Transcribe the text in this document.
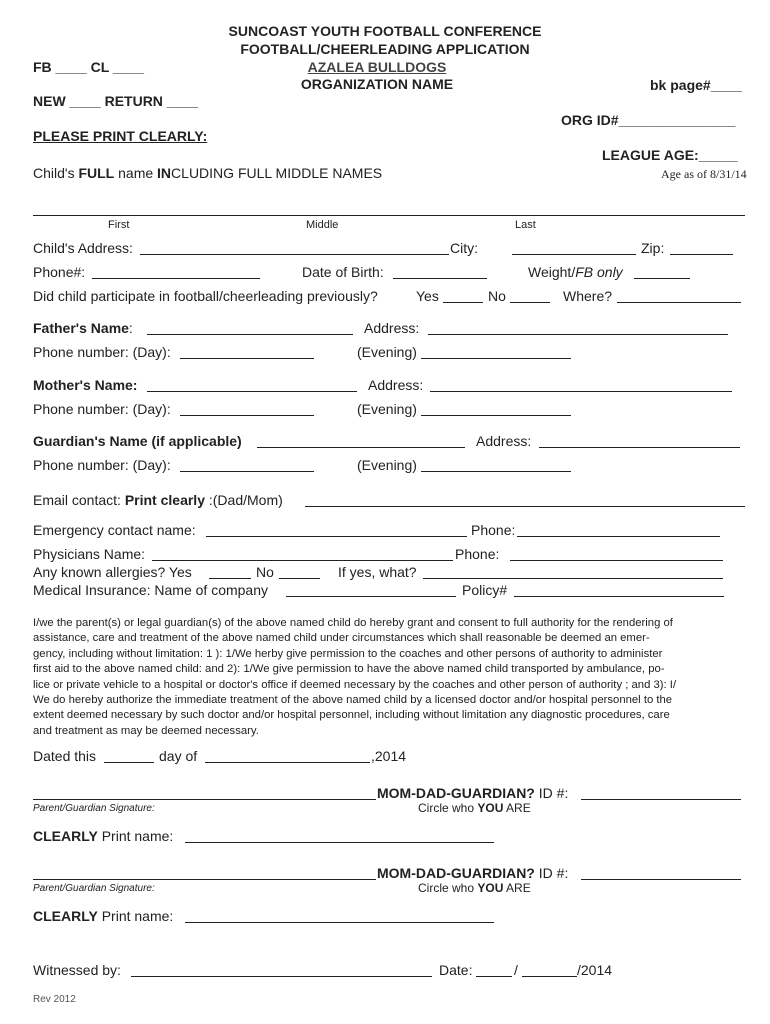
SUNCOAST YOUTH FOOTBALL CONFERENCE
FOOTBALL/CHEERLEADING APPLICATION
AZALEA BULLDOGS
ORGANIZATION NAME
FB ____ CL ____
NEW ____ RETURN ____
bk page#____
ORG ID#_______________
PLEASE PRINT CLEARLY:
LEAGUE AGE:_____
Age as of 8/31/14
Child's FULL name INCLUDING FULL MIDDLE NAMES
First	Middle	Last
Child's Address:	City:	Zip:
Phone#:	Date of Birth:	Weight/FB only
Did child participate in football/cheerleading previously?	Yes	No	Where?
Father's Name:	Address:
Phone number: (Day):	(Evening)
Mother's Name:	Address:
Phone number: (Day):	(Evening)
Guardian's Name (if applicable)	Address:
Phone number: (Day):	(Evening)
Email contact: Print clearly :(Dad/Mom)
Emergency contact name:	Phone:
Physicians Name:	Phone:
Any known allergies? Yes	No	If yes, what?
Medical Insurance: Name of company	Policy#
I/we the parent(s) or legal guardian(s) of the above named child do hereby grant and consent to full authority for the rendering of
assistance, care and treatment of the above named child under circumstances which shall reasonable be deemed an emer-
gency, including without limitation: 1 ): 1/We herby give permission to the coaches and other persons of authority to administer
first aid to the above named child: and 2): 1/We give permission to have the above named child transported by ambulance, po-
lice or private vehicle to a hospital or doctor's office if deemed necessary by the coaches and other person of authority ; and 3): I/
We do hereby authorize the immediate treatment of the above named child by a licensed doctor and/or hospital personnel to the
extent deemed necessary by such doctor and/or hospital personnel, including without limitation any diagnostic procedures, care
and treatment as may be deemed necessary.
Dated this	day of	,2014
MOM-DAD-GUARDIAN? ID #:
Parent/Guardian Signature:	Circle who YOU ARE
CLEARLY Print name:
MOM-DAD-GUARDIAN? ID #:
Parent/Guardian Signature:	Circle who YOU ARE
CLEARLY Print name:
Witnessed by:	Date:	/	/2014
Rev 2012
